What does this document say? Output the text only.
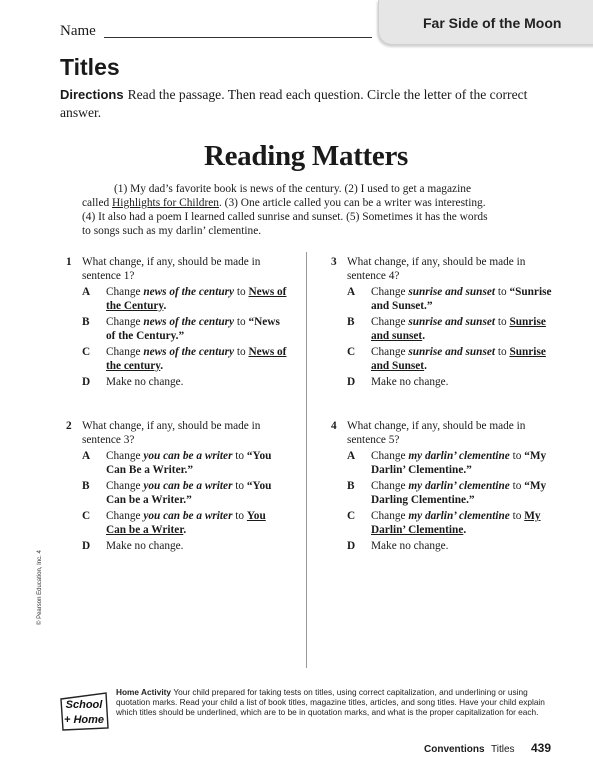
Far Side of the Moon
Name
Titles
Directions Read the passage. Then read each question. Circle the letter of the correct answer.
Reading Matters
(1) My dad’s favorite book is news of the century. (2) I used to get a magazine called Highlights for Children. (3) One article called you can be a writer was interesting. (4) It also had a poem I learned called sunrise and sunset. (5) Sometimes it has the words to songs such as my darlin’ clementine.
1 What change, if any, should be made in sentence 1?
A Change news of the century to News of the Century.
B Change news of the century to “News of the Century.”
C Change news of the century to News of the century.
D Make no change.
2 What change, if any, should be made in sentence 3?
A Change you can be a writer to “You Can Be a Writer.”
B Change you can be a writer to “You Can be a Writer.”
C Change you can be a writer to You Can be a Writer.
D Make no change.
3 What change, if any, should be made in sentence 4?
A Change sunrise and sunset to “Sunrise and Sunset.”
B Change sunrise and sunset to Sunrise and sunset.
C Change sunrise and sunset to Sunrise and Sunset.
D Make no change.
4 What change, if any, should be made in sentence 5?
A Change my darlin’ clementine to “My Darlin’ Clementine.”
B Change my darlin’ clementine to “My Darling Clementine.”
C Change my darlin’ clementine to My Darlin’ Clementine.
D Make no change.
© Pearson Education, Inc. 4
School
+ Home
Home Activity Your child prepared for taking tests on titles, using correct capitalization, and underlining or using quotation marks. Read your child a list of book titles, magazine titles, articles, and song titles. Have your child explain which titles should be underlined, which are to be in quotation marks, and what is the proper capitalization for each.
Conventions Titles 439
